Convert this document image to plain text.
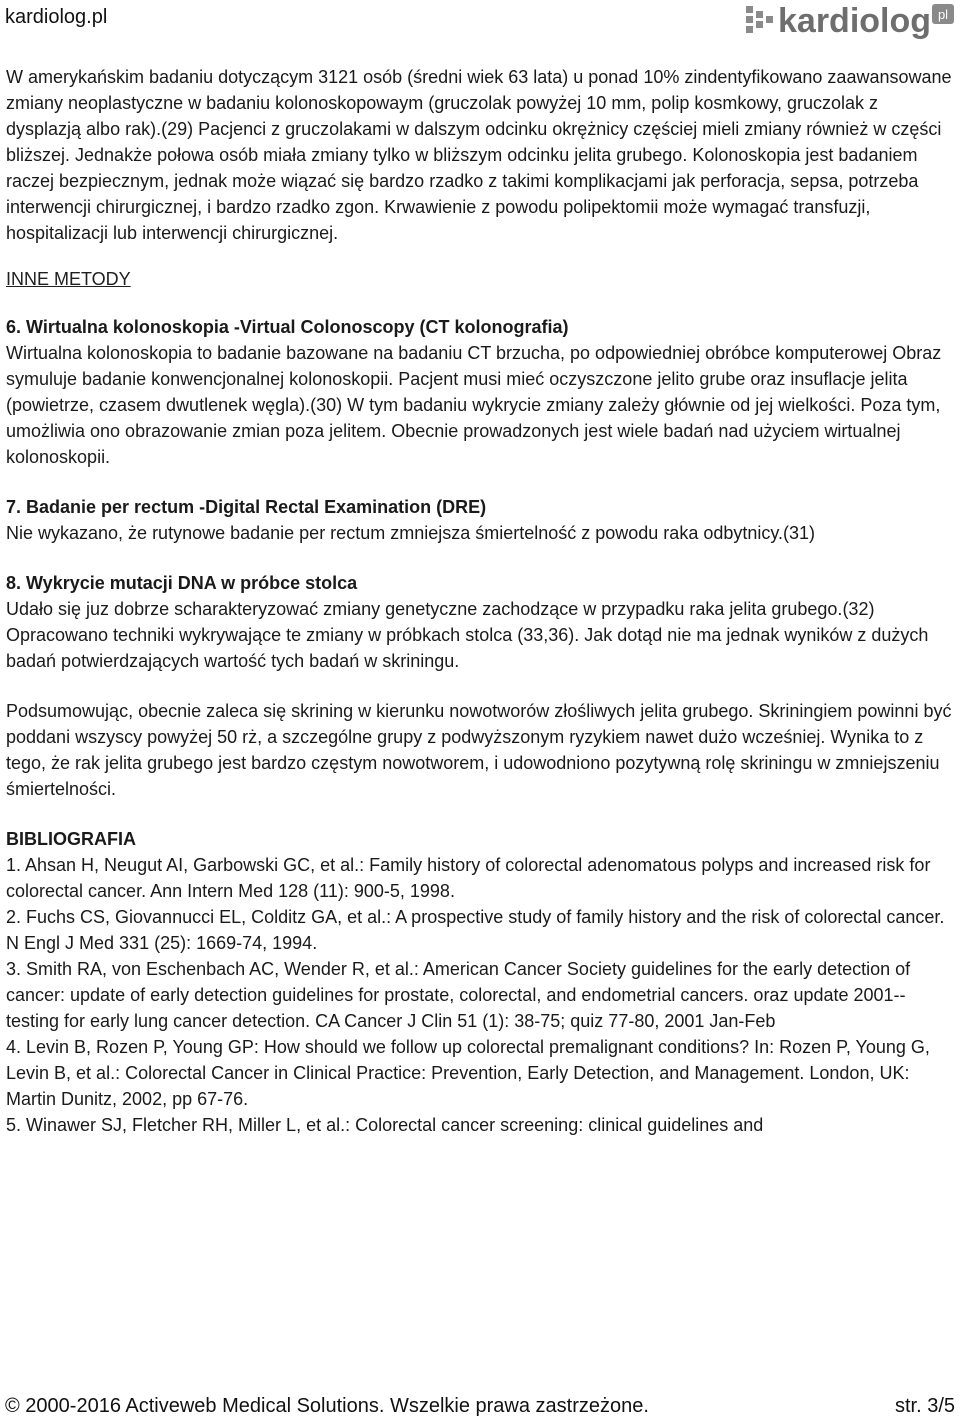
kardiolog.pl	kardiolog pl

W amerykańskim badaniu dotyczącym 3121 osób (średni wiek 63 lata) u ponad 10% zindentyfikowano zaawansowane zmiany neoplastyczne w badaniu kolonoskopowaym (gruczolak powyżej 10 mm, polip kosmkowy, gruczolak z dysplazją albo rak).(29) Pacjenci z gruczolakami w dalszym odcinku okrężnicy częściej mieli zmiany również w części bliższej. Jednakże połowa osób miała zmiany tylko w bliższym odcinku jelita grubego. Kolonoskopia jest badaniem raczej bezpiecznym, jednak może wiązać się bardzo rzadko z takimi komplikacjami jak perforacja, sepsa, potrzeba interwencji chirurgicznej, i bardzo rzadko zgon. Krwawienie z powodu polipektomii może wymagać transfuzji, hospitalizacji lub interwencji chirurgicznej.

INNE METODY

6. Wirtualna kolonoskopia -Virtual Colonoscopy (CT kolonografia)

Wirtualna kolonoskopia to badanie bazowane na badaniu CT brzucha, po odpowiedniej obróbce komputerowej Obraz symuluje badanie konwencjonalnej kolonoskopii. Pacjent musi mieć oczyszczone jelito grube oraz insuflacje jelita (powietrze, czasem dwutlenek węgla).(30) W tym badaniu wykrycie zmiany zależy głównie od jej wielkości. Poza tym, umożliwia ono obrazowanie zmian poza jelitem. Obecnie prowadzonych jest wiele badań nad użyciem wirtualnej kolonoskopii.

7. Badanie per rectum -Digital Rectal Examination (DRE)

Nie wykazano, że rutynowe badanie per rectum zmniejsza śmiertelność z powodu raka odbytnicy.(31)

8. Wykrycie mutacji DNA w próbce stolca

Udało się juz dobrze scharakteryzować zmiany genetyczne zachodzące w przypadku raka jelita grubego.(32) Opracowano techniki wykrywające te zmiany w próbkach stolca (33,36). Jak dotąd nie ma jednak wyników z dużych badań potwierdzających wartość tych badań w skriningu.

Podsumowując, obecnie zaleca się skrining w kierunku nowotworów złośliwych jelita grubego. Skriningiem powinni być poddani wszyscy powyżej 50 rż, a szczególne grupy z podwyższonym ryzykiem nawet dużo wcześniej. Wynika to z tego, że rak jelita grubego jest bardzo częstym nowotworem, i udowodniono pozytywną rolę skriningu w zmniejszeniu śmiertelności.

BIBLIOGRAFIA

1. Ahsan H, Neugut AI, Garbowski GC, et al.: Family history of colorectal adenomatous polyps and increased risk for colorectal cancer. Ann Intern Med 128 (11): 900-5, 1998.

2. Fuchs CS, Giovannucci EL, Colditz GA, et al.: A prospective study of family history and the risk of colorectal cancer. N Engl J Med 331 (25): 1669-74, 1994.

3. Smith RA, von Eschenbach AC, Wender R, et al.: American Cancer Society guidelines for the early detection of cancer: update of early detection guidelines for prostate, colorectal, and endometrial cancers. oraz update 2001--testing for early lung cancer detection. CA Cancer J Clin 51 (1): 38-75; quiz 77-80, 2001 Jan-Feb

4. Levin B, Rozen P, Young GP: How should we follow up colorectal premalignant conditions? In: Rozen P, Young G, Levin B, et al.: Colorectal Cancer in Clinical Practice: Prevention, Early Detection, and Management. London, UK: Martin Dunitz, 2002, pp 67-76.

5. Winawer SJ, Fletcher RH, Miller L, et al.: Colorectal cancer screening: clinical guidelines and

© 2000-2016 Activeweb Medical Solutions. Wszelkie prawa zastrzeżone.	str. 3/5
